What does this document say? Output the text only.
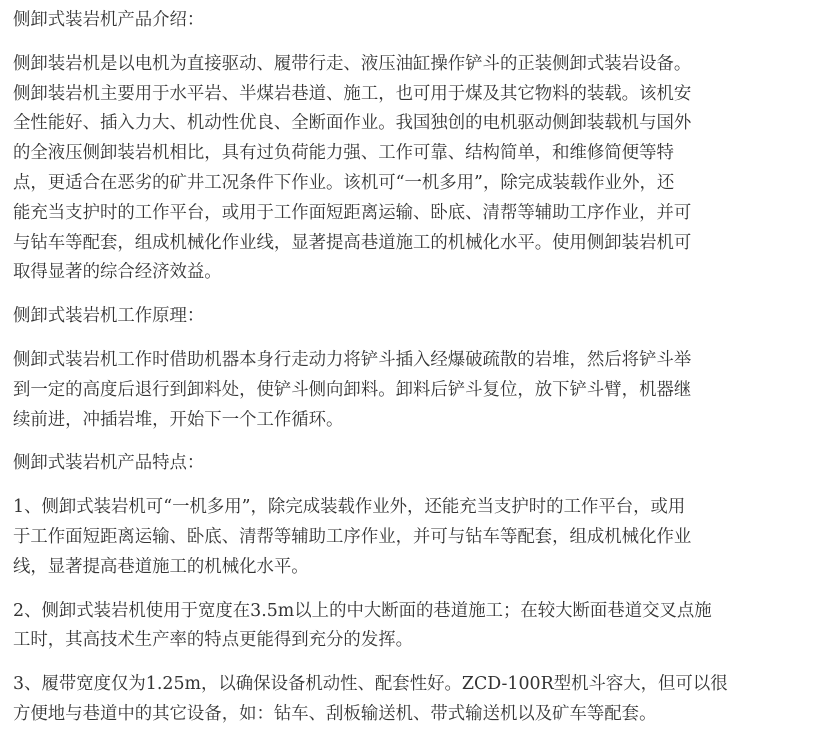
侧卸式装岩机产品介绍：
侧卸装岩机是以电机为直接驱动、履带行走、液压油缸操作铲斗的正装侧卸式装岩设备。
侧卸装岩机主要用于水平岩、半煤岩巷道、施工，也可用于煤及其它物料的装载。该机安
全性能好、插入力大、机动性优良、全断面作业。我国独创的电机驱动侧卸装载机与国外
的全液压侧卸装岩机相比，具有过负荷能力强、工作可靠、结构简单，和维修简便等特
点，更适合在恶劣的矿井工况条件下作业。该机可“一机多用”，除完成装载作业外，还
能充当支护时的工作平台，或用于工作面短距离运输、卧底、清帮等辅助工序作业，并可
与钻车等配套，组成机械化作业线，显著提高巷道施工的机械化水平。使用侧卸装岩机可
取得显著的综合经济效益。
侧卸式装岩机工作原理：
侧卸式装岩机工作时借助机器本身行走动力将铲斗插入经爆破疏散的岩堆，然后将铲斗举
到一定的高度后退行到卸料处，使铲斗侧向卸料。卸料后铲斗复位，放下铲斗臂，机器继
续前进，冲插岩堆，开始下一个工作循环。
侧卸式装岩机产品特点：
1、侧卸式装岩机可“一机多用”，除完成装载作业外，还能充当支护时的工作平台，或用
于工作面短距离运输、卧底、清帮等辅助工序作业，并可与钻车等配套，组成机械化作业
线，显著提高巷道施工的机械化水平。
2、侧卸式装岩机使用于宽度在3.5m以上的中大断面的巷道施工；在较大断面巷道交叉点施
工时，其高技术生产率的特点更能得到充分的发挥。
3、履带宽度仅为1.25m，以确保设备机动性、配套性好。ZCD-100R型机斗容大，但可以很
方便地与巷道中的其它设备，如：钻车、刮板输送机、带式输送机以及矿车等配套。
